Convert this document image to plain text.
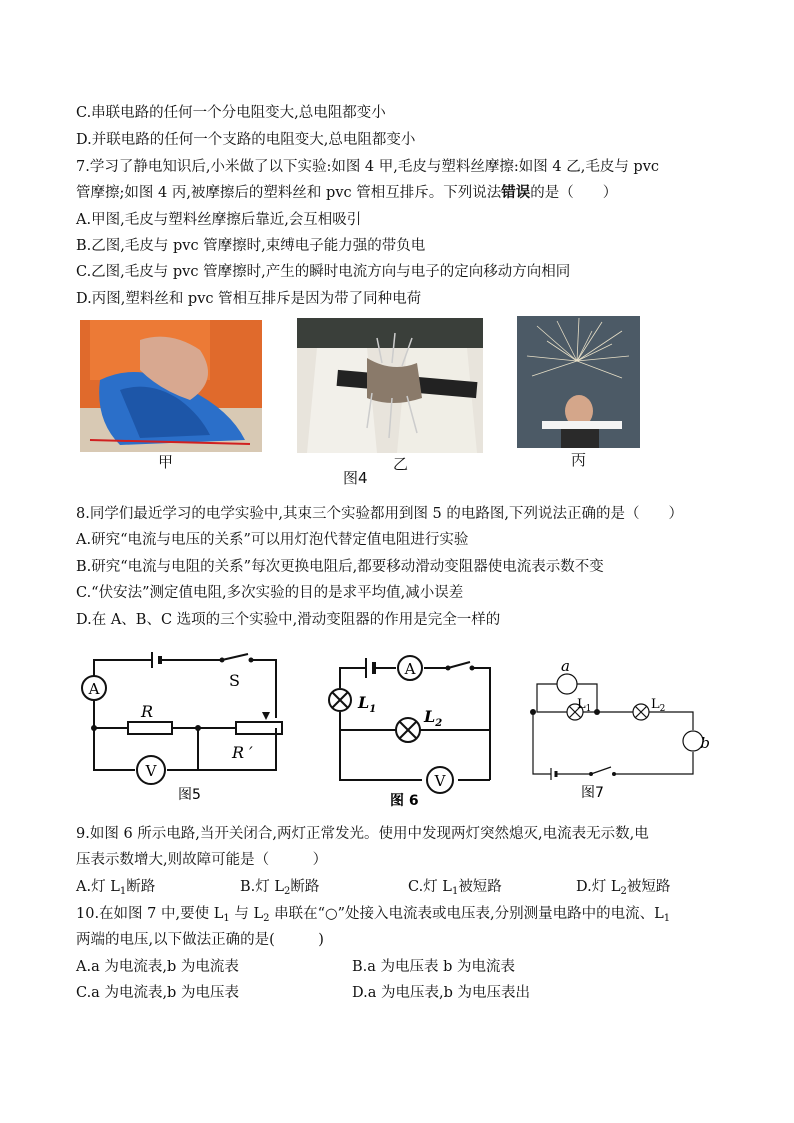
C.串联电路的任何一个分电阻变大,总电阻都变小
D.并联电路的任何一个支路的电阻变大,总电阻都变小
7.学习了静电知识后,小米做了以下实验:如图 4 甲,毛皮与塑料丝摩擦:如图 4 乙,毛皮与 pvc
管摩擦;如图 4 丙,被摩擦后的塑料丝和 pvc 管相互排斥。下列说法错误的是（　　）
A.甲图,毛皮与塑料丝摩擦后靠近,会互相吸引
B.乙图,毛皮与 pvc 管摩擦时,束缚电子能力强的带负电
C.乙图,毛皮与 pvc 管摩擦时,产生的瞬时电流方向与电子的定向移动方向相同
D.丙图,塑料丝和 pvc 管相互排斥是因为带了同种电荷
甲	乙	丙
图4
8.同学们最近学习的电学实验中,其束三个实验都用到图 5 的电路图,下列说法正确的是（　　）
A.研究“电流与电压的关系”可以用灯泡代替定值电阻进行实验
B.研究“电流与电阻的关系”每次更换电阻后,都要移动滑动变阻器使电流表示数不变
C.“伏安法”测定值电阻,多次实验的目的是求平均值,减小误差
D.在 A、B、C 选项的三个实验中,滑动变阻器的作用是完全一样的
A
V
S
R
R ′
图5
A
V
$L_1$	$L_2$
图 6
a
b
$L_1$	$L_2$
图7
9.如图 6 所示电路,当开关闭合,两灯正常发光。使用中发现两灯突然熄灭,电流表无示数,电
压表示数增大,则故障可能是（　　　）
A.灯 $L_1$断路	B.灯 $L_2$断路	C.灯 $L_1$被短路	D.灯 $L_2$被短路
10.在如图 7 中,要使 $L_1$ 与 $L_2$ 串联在“○”处接入电流表或电压表,分别测量电路中的电流、$L_1$
两端的电压,以下做法正确的是(　　　)
A.a 为电流表,b 为电流表	B.a 为电压表 b 为电流表
C.a 为电流表,b 为电压表	D.a 为电压表,b 为电压表出
